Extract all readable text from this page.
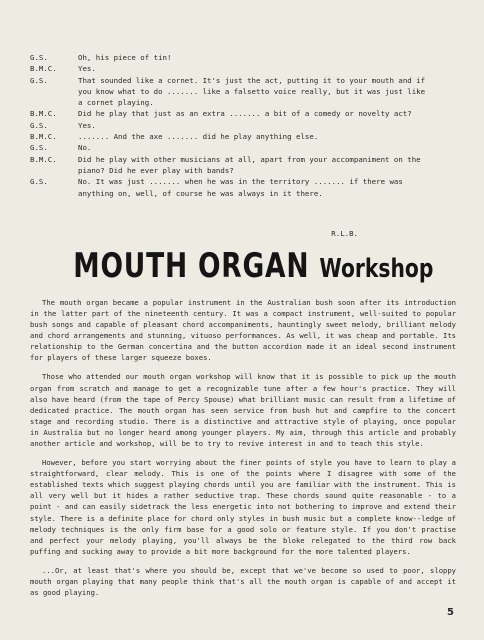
G.S.	Oh, his piece of tin!
B.M.C.	Yes.
G.S.	That sounded like a cornet. It's just the act, putting it to your mouth and if
you know what to do ....... like a falsetto voice really, but it was just like
a cornet playing.
B.M.C.	Did he play that just as an extra ....... a bit of a comedy or novelty act?
G.S.	Yes.
B.M.C.	....... And the axe ....... did he play anything else.
G.S.	No.
B.M.C.	Did he play with other musicians at all, apart from your accompaniment on the
piano? Did he ever play with bands?
G.S.	No. It was just ....... when he was in the territory ....... if there was
anything on, well, of course he was always in it there.
R.L.B.
MOUTH ORGAN Workshop

The mouth organ became a popular instrument in the Australian bush soon after its introduction in the latter part of the nineteenth century. It was a compact instrument, well-suited to popular bush songs and capable of pleasant chord accompaniments, hauntingly sweet melody, brilliant melody and chord arrangements and stunning, vituoso performances. As well, it was cheap and portable. Its relationship to the German concertina and the button accordion made it an ideal second instrument for players of these larger squeeze boxes.

Those who attended our mouth organ workshop will know that it is possible to pick up the mouth organ from scratch and manage to get a recognizable tune after a few hour's practice. They will also have heard (from the tape of Percy Spouse) what brilliant music can result from a lifetime of dedicated practice. The mouth organ has seen service from bush hut and campfire to the concert stage and recording studio. There is a distinctive and attractive style of playing, once popular in Australia but no longer heard among younger players. My aim, through this article and probably another article and workshop, will be to try to revive interest in and to teach this style.

However, before you start worrying about the finer points of style you have to learn to play a straightforward, clear melody. This is one of the points where I disagree with some of the established texts which suggest playing chords until you are familiar with the instrument. This is all very well but it hides a rather seductive trap. These chords sound quite reasonable - to a point - and can easily sidetrack the less energetic into not bothering to improve and extend their style. There is a definite place for chord only styles in bush music but a complete know--ledge of melody techniques is the only firm base for a good solo or feature style. If you don't practise and perfect your melody playing, you'll always be the bloke relegated to the third row back puffing and sucking away to provide a bit more background for the more talented players.

...Or, at least that's where you should be, except that we've become so used to poor, sloppy mouth organ playing that many people think that's all the mouth organ is capable of and accept it as good playing.

5
